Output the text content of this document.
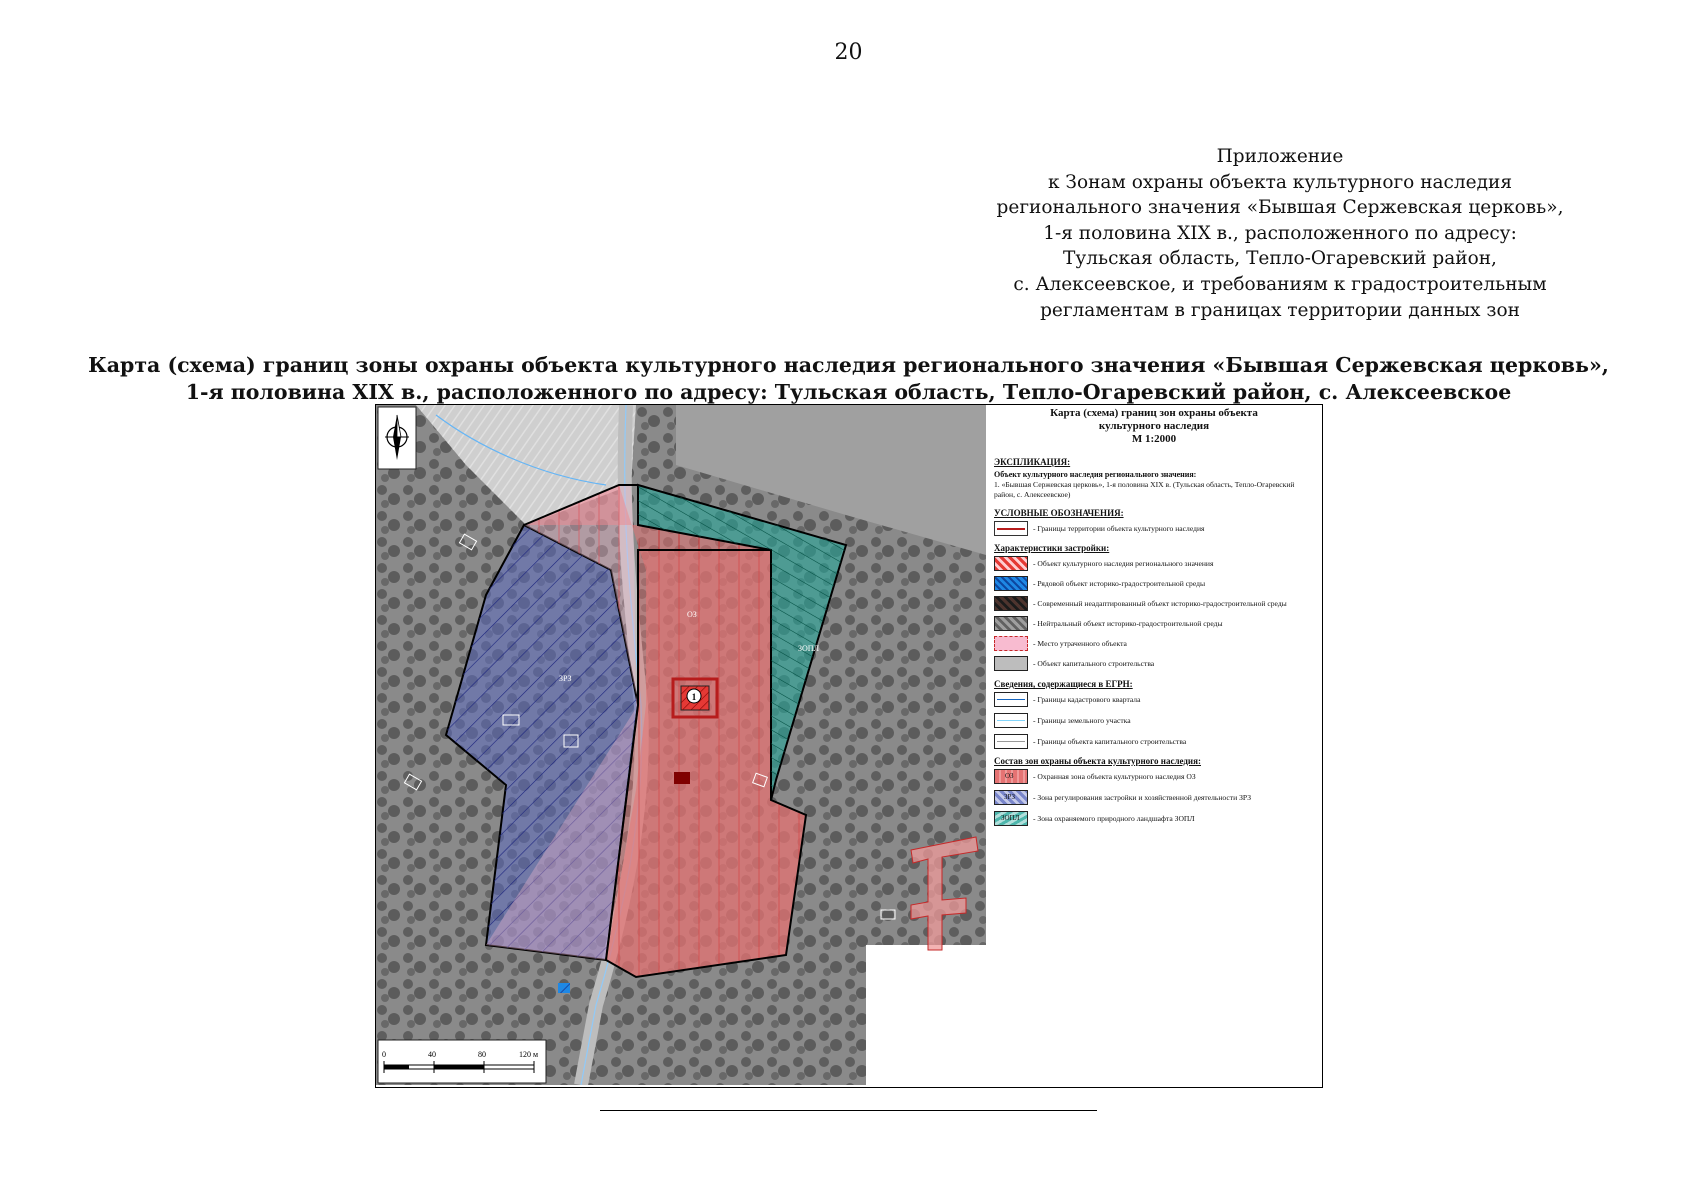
20
Приложение
к Зонам охраны объекта культурного наследия
регионального значения «Бывшая Сержевская церковь»,
1-я половина XIX в., расположенного по адресу:
Тульская область, Тепло-Огаревский район,
с. Алексеевское, и требованиям к градостроительным
регламентам в границах территории данных зон
Карта (схема) границ зоны охраны объекта культурного наследия регионального значения «Бывшая Сержевская церковь»,
1-я половина XIX в., расположенного по адресу: Тульская область, Тепло-Огаревский район, с. Алексеевское
1
ЗРЗ
ОЗ
ЗОПЛ
0	40	80	120 м
Карта (схема) границ зон охраны объекта
культурного наследия
М 1:2000
ЭКСПЛИКАЦИЯ:
Объект культурного наследия регионального значения:
1. «Бывшая Сержевская церковь», 1-я половина XIX в. (Тульская область, Тепло-Огаревский район, с. Алексеевское)
УСЛОВНЫЕ ОБОЗНАЧЕНИЯ:
- Границы территории объекта культурного наследия
Характеристики застройки:
- Объект культурного наследия регионального значения
- Рядовой объект историко-градостроительной среды
- Современный неадаптированный объект историко-градостроительной среды
- Нейтральный объект историко-градостроительной среды
- Место утраченного объекта
- Объект капитального строительства
Сведения, содержащиеся в ЕГРН:
- Границы кадастрового квартала
- Границы земельного участка
- Границы объекта капитального строительства
Состав зон охраны объекта культурного наследия:
ОЗ	- Охранная зона объекта культурного наследия ОЗ
ЗРЗ - Зона регулирования застройки и хозяйственной деятельности ЗРЗ
ЗОПЛ - Зона охраняемого природного ландшафта ЗОПЛ
